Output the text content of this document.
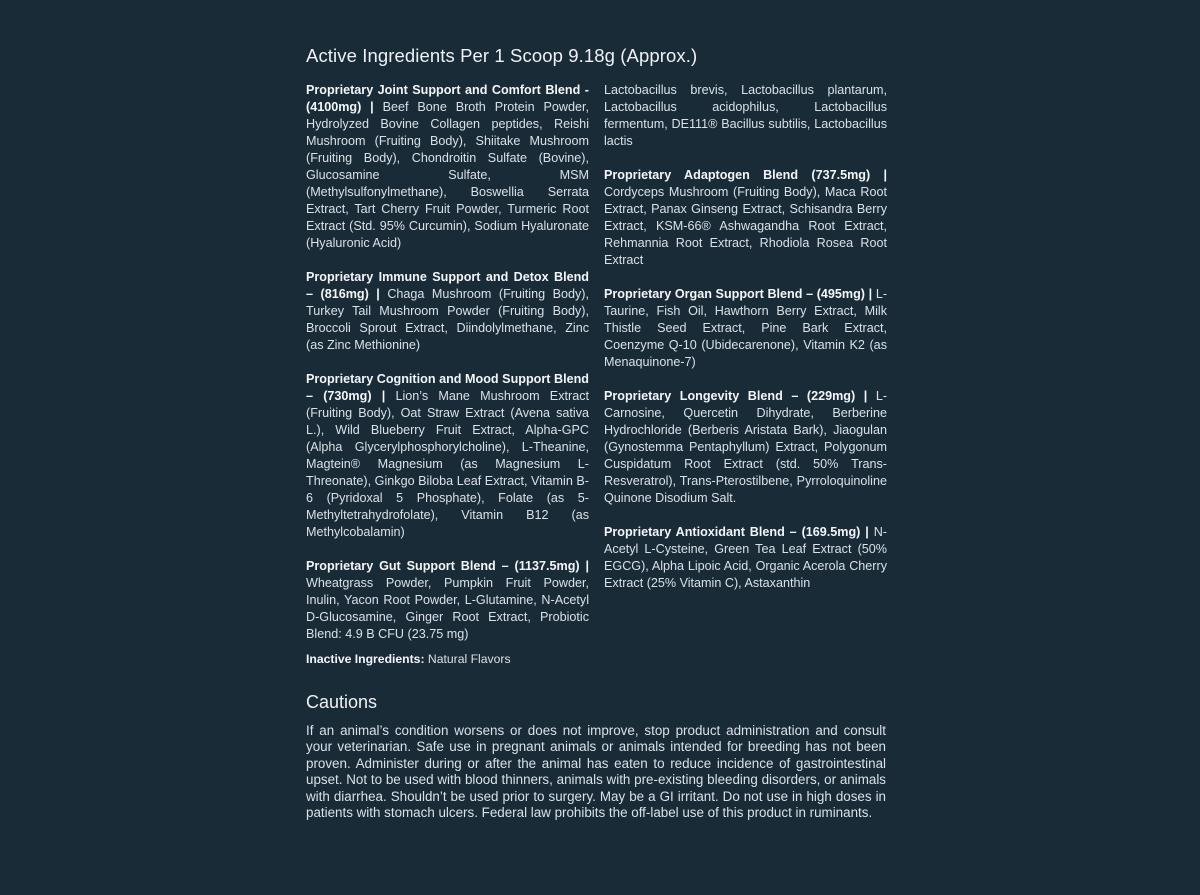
Active Ingredients Per 1 Scoop 9.18g (Approx.)

Proprietary Joint Support and Comfort Blend - (4100mg) | Beef Bone Broth Protein Powder, Hydrolyzed Bovine Collagen peptides, Reishi Mushroom (Fruiting Body), Shiitake Mushroom (Fruiting Body), Chondroitin Sulfate (Bovine), Glucosamine Sulfate, MSM (Methylsulfonylmethane), Boswellia Serrata Extract, Tart Cherry Fruit Powder, Turmeric Root Extract (Std. 95% Curcumin), Sodium Hyaluronate (Hyaluronic Acid)

Proprietary Immune Support and Detox Blend – (816mg) | Chaga Mushroom (Fruiting Body), Turkey Tail Mushroom Powder (Fruiting Body), Broccoli Sprout Extract, Diindolylmethane, Zinc (as Zinc Methionine)

Proprietary Cognition and Mood Support Blend – (730mg) | Lion’s Mane Mushroom Extract (Fruiting Body), Oat Straw Extract (Avena sativa L.), Wild Blueberry Fruit Extract, Alpha-GPC (Alpha Glycerylphosphorylcholine), L-Theanine, Magtein® Magnesium (as Magnesium L-Threonate), Ginkgo Biloba Leaf Extract, Vitamin B-6 (Pyridoxal 5 Phosphate), Folate (as 5-Methyltetrahydrofolate), Vitamin B12 (as Methylcobalamin)

Proprietary Gut Support Blend – (1137.5mg) | Wheatgrass Powder, Pumpkin Fruit Powder, Inulin, Yacon Root Powder, L-Glutamine, N-Acetyl D-Glucosamine, Ginger Root Extract, Probiotic Blend: 4.9 B CFU (23.75 mg)

Lactobacillus brevis, Lactobacillus plantarum, Lactobacillus acidophilus, Lactobacillus fermentum, DE111® Bacillus subtilis, Lactobacillus lactis

Proprietary Adaptogen Blend (737.5mg) | Cordyceps Mushroom (Fruiting Body), Maca Root Extract, Panax Ginseng Extract, Schisandra Berry Extract, KSM-66® Ashwagandha Root Extract, Rehmannia Root Extract, Rhodiola Rosea Root Extract

Proprietary Organ Support Blend – (495mg) | L-Taurine, Fish Oil, Hawthorn Berry Extract, Milk Thistle Seed Extract, Pine Bark Extract, Coenzyme Q-10 (Ubidecarenone), Vitamin K2 (as Menaquinone-7)

Proprietary Longevity Blend – (229mg) | L-Carnosine, Quercetin Dihydrate, Berberine Hydrochloride (Berberis Aristata Bark), Jiaogulan (Gynostemma Pentaphyllum) Extract, Polygonum Cuspidatum Root Extract (std. 50% Trans-Resveratrol), Trans-Pterostilbene, Pyrroloquinoline Quinone Disodium Salt.

Proprietary Antioxidant Blend – (169.5mg) | N-Acetyl L-Cysteine, Green Tea Leaf Extract (50% EGCG), Alpha Lipoic Acid, Organic Acerola Cherry Extract (25% Vitamin C), Astaxanthin

Inactive Ingredients: Natural Flavors
Cautions
If an animal’s condition worsens or does not improve, stop product administration and consult your veterinarian. Safe use in pregnant animals or animals intended for breeding has not been proven. Administer during or after the animal has eaten to reduce incidence of gastrointestinal upset. Not to be used with blood thinners, animals with pre-existing bleeding disorders, or animals with diarrhea. Shouldn’t be used prior to surgery. May be a GI irritant. Do not use in high doses in patients with stomach ulcers. Federal law prohibits the off-label use of this product in ruminants.
